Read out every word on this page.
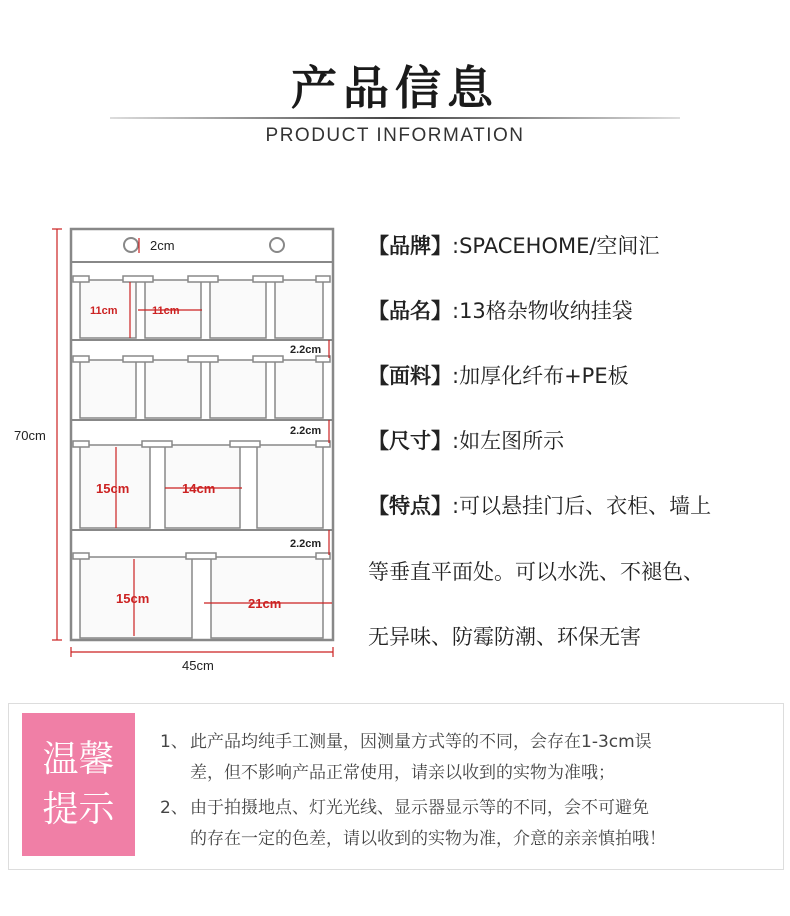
产品信息
PRODUCT INFORMATION
2cm
70cm
45cm
11cm	11cm
2.2cm
2.2cm
2.2cm
15cm	14cm
15cm	21cm
【品牌】:SPACEHOME/空间汇
【品名】:13格杂物收纳挂袋
【面料】:加厚化纤布+PE板
【尺寸】:如左图所示
【特点】:可以悬挂门后、衣柜、墙上
等垂直平面处。可以水洗、不褪色、
无异味、防霉防潮、环保无害
温馨
提示
1、 此产品均纯手工测量，因测量方式等的不同，会存在1-3cm误
差，但不影响产品正常使用，请亲以收到的实物为准哦；
2、 由于拍摄地点、灯光光线、显示器显示等的不同，会不可避免
的存在一定的色差，请以收到的实物为准，介意的亲亲慎拍哦！
